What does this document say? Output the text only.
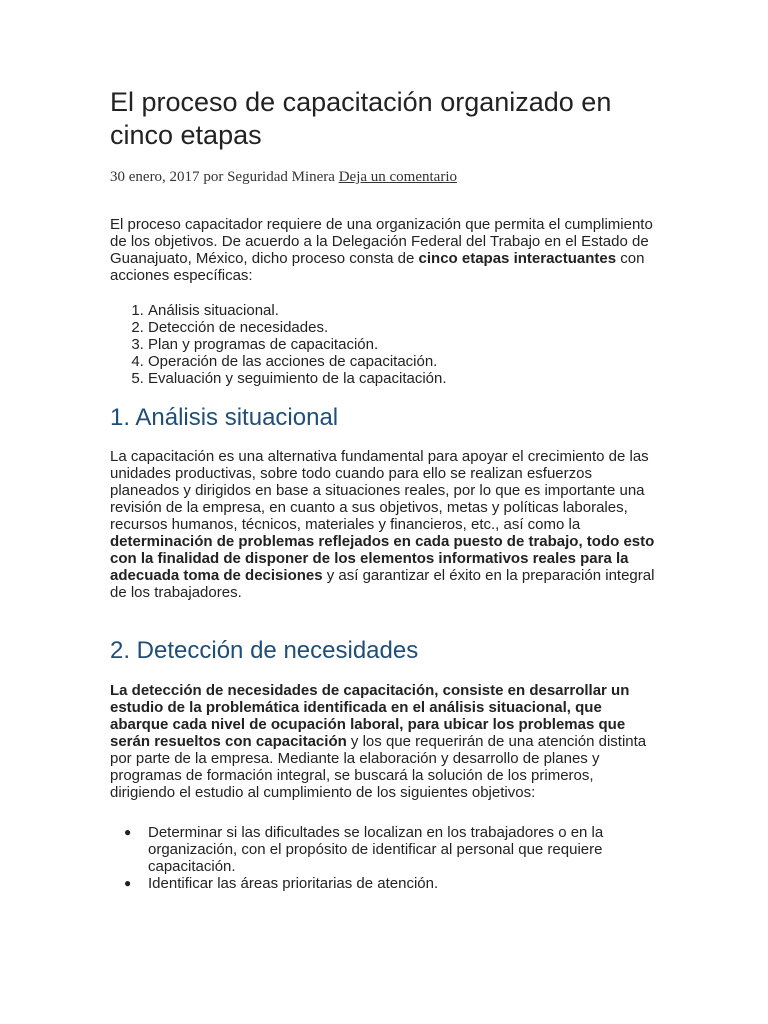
El proceso de capacitación organizado en cinco etapas
30 enero, 2017 por Seguridad Minera Deja un comentario

El proceso capacitador requiere de una organización que permita el cumplimiento de los objetivos. De acuerdo a la Delegación Federal del Trabajo en el Estado de Guanajuato, México, dicho proceso consta de cinco etapas interactuantes con acciones específicas:

1. Análisis situacional.
2. Detección de necesidades.
3. Plan y programas de capacitación.
4. Operación de las acciones de capacitación.
5. Evaluación y seguimiento de la capacitación.
1. Análisis situacional

La capacitación es una alternativa fundamental para apoyar el crecimiento de las unidades productivas, sobre todo cuando para ello se realizan esfuerzos planeados y dirigidos en base a situaciones reales, por lo que es importante una revisión de la empresa, en cuanto a sus objetivos, metas y políticas laborales, recursos humanos, técnicos, materiales y financieros, etc., así como la determinación de problemas reflejados en cada puesto de trabajo, todo esto con la finalidad de disponer de los elementos informativos reales para la adecuada toma de decisiones y así garantizar el éxito en la preparación integral de los trabajadores.

2. Detección de necesidades

La detección de necesidades de capacitación, consiste en desarrollar un estudio de la problemática identificada en el análisis situacional, que abarque cada nivel de ocupación laboral, para ubicar los problemas que serán resueltos con capacitación y los que requerirán de una atención distinta por parte de la empresa. Mediante la elaboración y desarrollo de planes y programas de formación integral, se buscará la solución de los primeros, dirigiendo el estudio al cumplimiento de los siguientes objetivos:

● Determinar si las dificultades se localizan en los trabajadores o en la organización, con el propósito de identificar al personal que requiere capacitación.
● Identificar las áreas prioritarias de atención.
